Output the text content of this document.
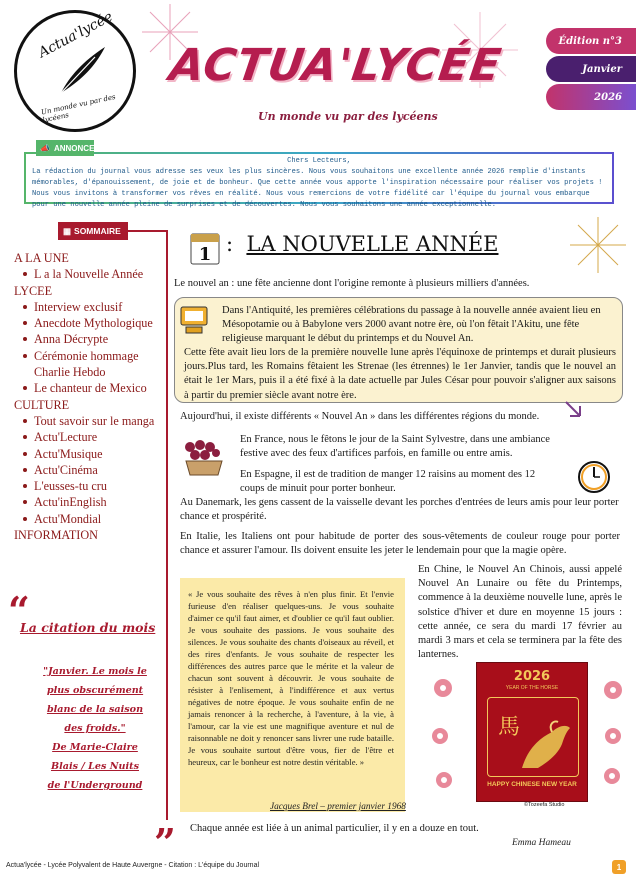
Actua'lycée
Un monde vu par des lycéens
ACTUA'LYCÉE
Un monde vu par des lycéens
Édition n°3
Janvier
2026
Chers Lecteurs,
La rédaction du journal vous adresse ses veux les plus sincères. Nous vous souhaitons une excellente année 2026 remplie d'instants mémorables, d'épanouissement, de joie et de bonheur. Que cette année vous apporte l'inspiration nécessaire pour réaliser vos projets ! Nous vous invitons à transformer vos rêves en réalité. Nous vous remercions de votre fidélité car l'équipe du journal vous embarque pour une nouvelle année pleine de surprises et de découvertes. Nous vous souhaitons une année exceptionnelle.
📣 ANNONCE
▦ SOMMAIRE
A LA UNE
L a la Nouvelle Année
LYCEE
Interview exclusif
Anecdote Mythologique
Anna Décrypte
Cérémonie hommage Charlie Hebdo
Le chanteur de Mexico
CULTURE
Tout savoir sur le manga
Actu'Lecture
Actu'Musique
Actu'Cinéma
L'eusses-tu cru
Actu'inEnglish
Actu'Mondial
INFORMATION
“
La citation du mois
"Janvier. Le mois le
plus obscurément
blanc de la saison
des froids."
De Marie-Claire
Blais / Les Nuits
de l'Underground
”
1 : LA NOUVELLE ANNÉE
Le nouvel an : une fête ancienne dont l'origine remonte à plusieurs milliers d'années.
Dans l'Antiquité, les premières célébrations du passage à la nouvelle année avaient lieu en Mésopotamie ou à Babylone vers 2000 avant notre ère, où l'on fêtait l'Akitu, une fête religieuse marquant le début du printemps et du Nouvel An.
Cette fête avait lieu lors de la première nouvelle lune après l'équinoxe de printemps et durait plusieurs jours.Plus tard, les Romains fêtaient les Strenae (les étrennes) le 1er Janvier, tandis que le nouvel an était le 1er Mars, puis il a été fixé à la date actuelle par Jules César pour pouvoir s'aligner aux saisons à partir du premier siècle avant notre ère.
Aujourd'hui, il existe différents « Nouvel An » dans les différentes régions du monde.
En France, nous le fêtons le jour de la Saint Sylvestre, dans une ambiance festive avec des feux d'artifices parfois, en famille ou entre amis.
En Espagne, il est de tradition de manger 12 raisins au moment des 12 coups de minuit pour porter bonheur.
Au Danemark, les gens cassent de la vaisselle devant les porches d'entrées de leurs amis pour leur porter chance et prospérité.
En Italie, les Italiens ont pour habitude de porter des sous-vêtements de couleur rouge pour porter chance et assurer l'amour. Ils doivent ensuite les jeter le lendemain pour que la magie opère.
« Je vous souhaite des rêves à n'en plus finir. Et l'envie furieuse d'en réaliser quelques-uns. Je vous souhaite d'aimer ce qu'il faut aimer, et d'oublier ce qu'il faut oublier. Je vous souhaite des passions. Je vous souhaite des silences. Je vous souhaite des chants d'oiseaux au réveil, et des rires d'enfants. Je vous souhaite de respecter les différences des autres parce que le mérite et la valeur de chacun sont souvent à découvrir. Je vous souhaite de résister à l'enlisement, à l'indifférence et aux vertus négatives de notre époque. Je vous souhaite enfin de ne jamais renoncer à la recherche, à l'aventure, à la vie, à l'amour, car la vie est une magnifique aventure et nul de raisonnable ne doit y renoncer sans livrer une rude bataille. Je vous souhaite surtout d'être vous, fier de l'être et heureux, car le bonheur est notre destin véritable. »
Jacques Brel – premier janvier 1968
En Chine, le Nouvel An Chinois, aussi appelé Nouvel An Lunaire ou fête du Printemps, commence à la deuxième nouvelle lune, après le solstice d'hiver et dure en moyenne 15 jours : cette année, ce sera du mardi 17 février au mardi 3 mars et cela se terminera par la fête des lanternes.
2026
YEAR OF THE HORSE
馬
HAPPY CHINESE NEW YEAR
©Tozeefa Studio
Chaque année est liée à un animal particulier, il y en a douze en tout.
Emma Hameau
Actua'lycée - Lycée Polyvalent de Haute Auvergne - Citation : L'équipe du Journal	1
